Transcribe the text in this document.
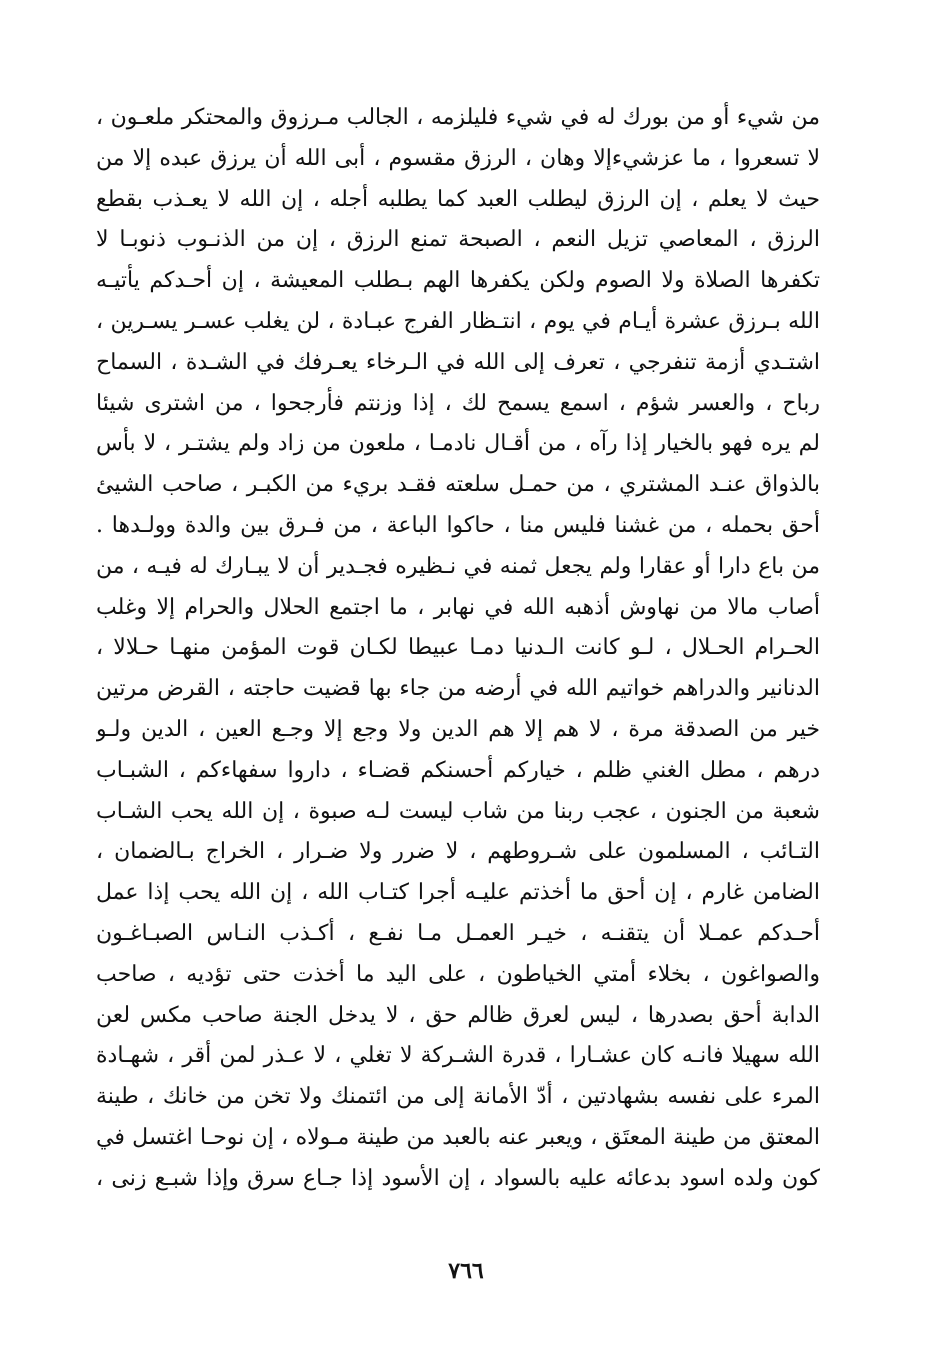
من شيء أو من بورك له في شيء فليلزمه ، الجالب مـرزوق والمحتكر ملعـون ،
لا تسعروا ، ما عزشيءإلا وهان ، الرزق مقسوم ، أبى الله أن يرزق عبده إلا من
حيث لا يعلم ، إن الرزق ليطلب العبد كما يطلبه أجله ، إن الله لا يعـذب بقطع
الرزق ، المعاصي تزيل النعم ، الصبحة تمنع الرزق ، إن من الذنـوب ذنوبـا لا
تكفرها الصلاة ولا الصوم ولكن يكفرها الهم بـطلب المعيشة ، إن أحـدكم يأتيـه
الله بـرزق عشرة أيـام في يوم ، انتـظار الفرج عبـادة ، لن يغلب عسـر يسـرين ،
اشتـدي أزمة تنفرجي ، تعرف إلى الله في الـرخاء يعـرفك في الشـدة ، السماح
رباح ، والعسر شؤم ، اسمع يسمح لك ، إذا وزنتم فأرجحوا ، من اشترى شيئا
لم يره فهو بالخيار إذا رآه ، من أقـال نادمـا ، ملعون من زاد ولم يشتـر ، لا بأس
بالذواق عنـد المشتري ، من حمـل سلعته فقـد بريء من الكبـر ، صاحب الشيئ
أحق بحمله ، من غشنا فليس منا ، حاكوا الباعة ، من فـرق بين والدة وولـدها .
من باع دارا أو عقارا ولم يجعل ثمنه في نـظيره فجـدير أن لا يبـارك له فيـه ، من
أصاب مالا من نهاوش أذهبه الله في نهابر ، ما اجتمع الحلال والحرام إلا وغلب
الحـرام الحـلال ، لـو كانت الـدنيا دمـا عبيطا لكـان قوت المؤمن منهـا حـلالا ،
الدنانير والدراهم خواتيم الله في أرضه من جاء بها قضيت حاجته ، القرض مرتين
خير من الصدقة مرة ، لا هم إلا هم الدين ولا وجع إلا وجـع العين ، الدين ولـو
درهم ، مطل الغني ظلم ، خياركم أحسنكم قضـاء ، داروا سفهاءكم ، الشبـاب
شعبة من الجنون ، عجب ربنا من شاب ليست لـه صبوة ، إن الله يحب الشـاب
التـائب ، المسلمون على شـروطهم ، لا ضرر ولا ضـرار ، الخراج بـالضمان ،
الضامن غارم ، إن أحق ما أخذتم عليـه أجرا كتـاب الله ، إن الله يحب إذا عمل
أحـدكم عمـلا أن يتقنـه ، خيـر العمـل مـا نفـع ، أكـذب النـاس الصبـاغـون
والصواغون ، بخلاء أمتي الخياطون ، على اليد ما أخذت حتى تؤديه ، صاحب
الدابة أحق بصدرها ، ليس لعرق ظالم حق ، لا يدخل الجنة صاحب مكس لعن
الله سهيلا فانـه كان عشـارا ، قدرة الشـركة لا تغلي ، لا عـذر لمن أقر ، شهـادة
المرء على نفسه بشهادتين ، أدّ الأمانة إلى من ائتمنك ولا تخن من خانك ، طينة
المعتق من طينة المعتَق ، ويعبر عنه بالعبد من طينة مـولاه ، إن نوحـا اغتسل في
كون ولده اسود بدعائه عليه بالسواد ، إن الأسود إذا جـاع سرق وإذا شبـع زنى ،
٧٦٦
